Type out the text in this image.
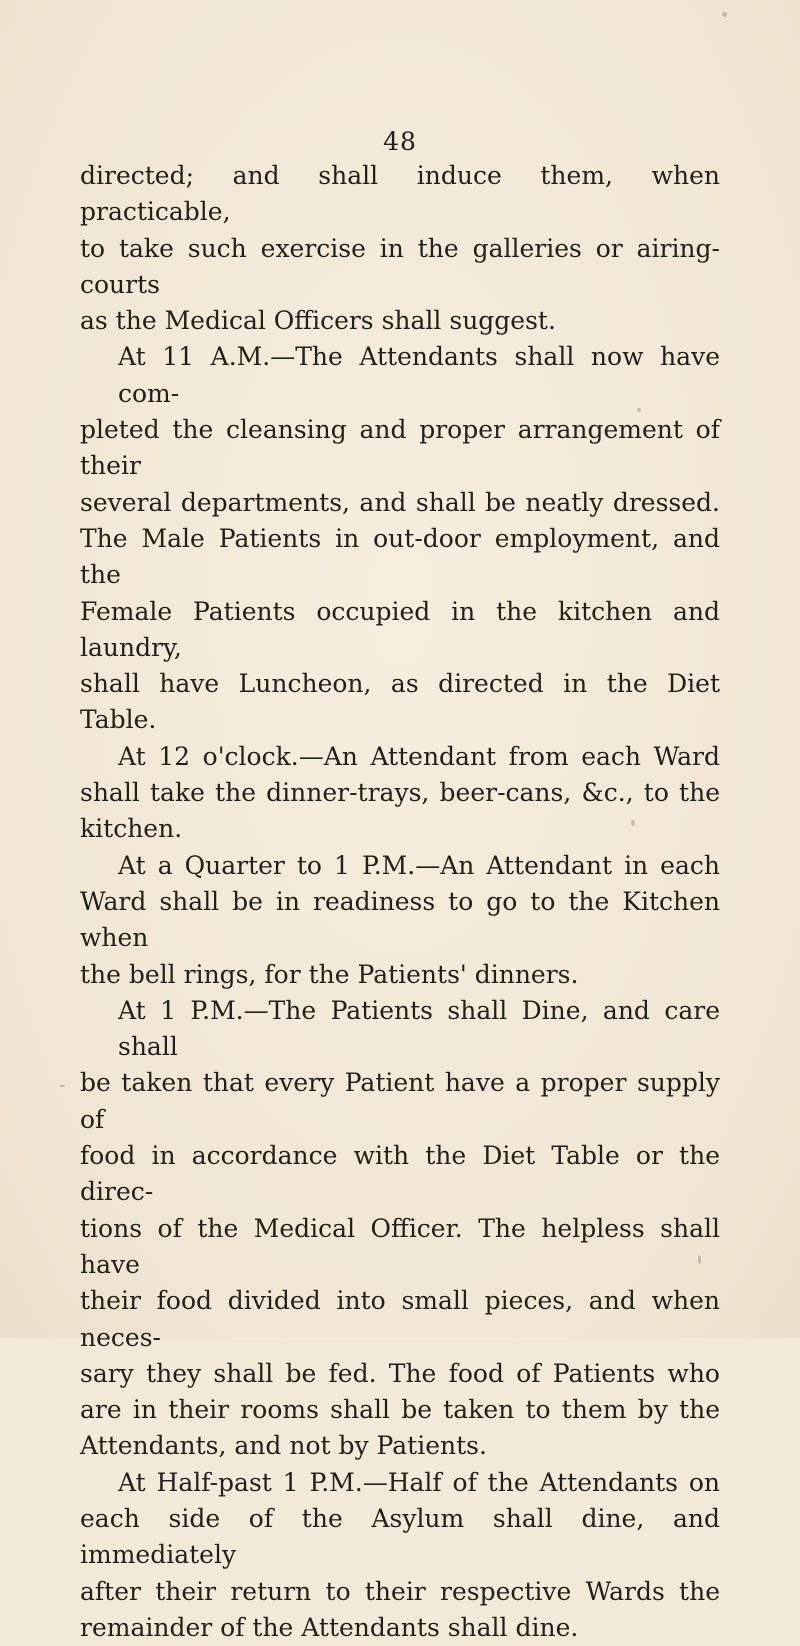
48

directed; and shall induce them, when practicable,

to take such exercise in the galleries or airing-courts

as the Medical Officers shall suggest.

At 11 A.M.—The Attendants shall now have com-

pleted the cleansing and proper arrangement of their

several departments, and shall be neatly dressed.

The Male Patients in out-door employment, and the

Female Patients occupied in the kitchen and laundry,

shall have Luncheon, as directed in the Diet Table.

At 12 o'clock.—An Attendant from each Ward

shall take the dinner-trays, beer-cans, &c., to the

kitchen.

At a Quarter to 1 P.M.—An Attendant in each

Ward shall be in readiness to go to the Kitchen when

the bell rings, for the Patients' dinners.

At 1 P.M.—The Patients shall Dine, and care shall

be taken that every Patient have a proper supply of

food in accordance with the Diet Table or the direc-

tions of the Medical Officer. The helpless shall have

their food divided into small pieces, and when neces-

sary they shall be fed. The food of Patients who

are in their rooms shall be taken to them by the

Attendants, and not by Patients.

At Half-past 1 P.M.—Half of the Attendants on

each side of the Asylum shall dine, and immediately

after their return to their respective Wards the

remainder of the Attendants shall dine.
